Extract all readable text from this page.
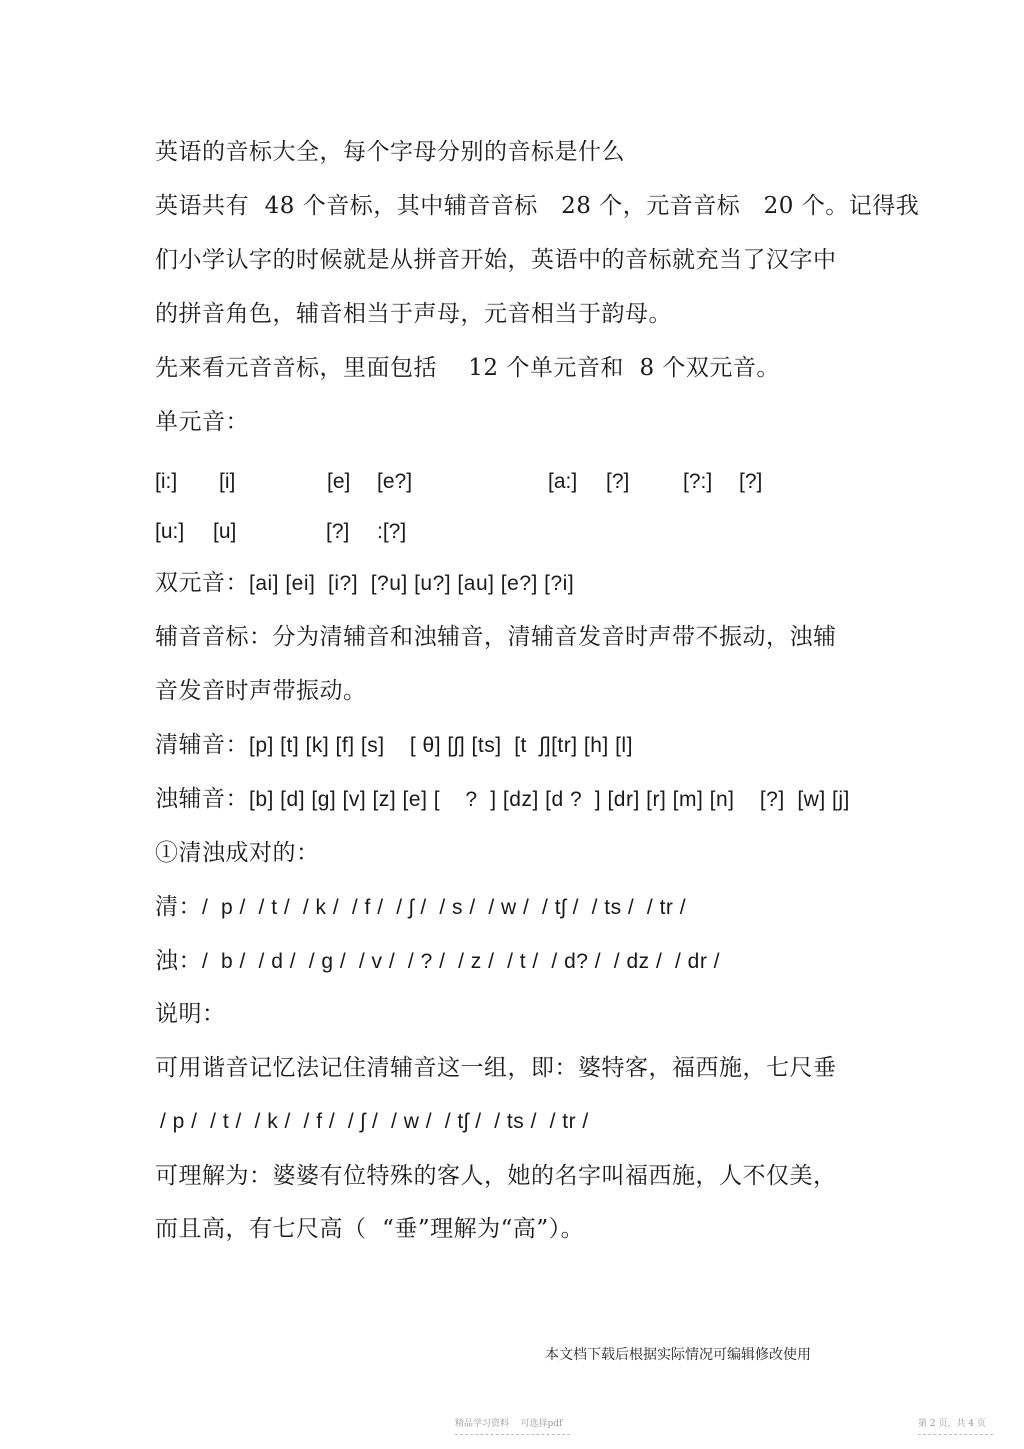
英语的音标大全，每个字母分别的音标是什么
英语共有  48 个音标，其中辅音音标   28 个，元音音标   20 个。记得我
们小学认字的时候就是从拼音开始，英语中的音标就充当了汉字中
的拼音角色，辅音相当于声母，元音相当于韵母。
先来看元音音标，里面包括    12 个单元音和  8 个双元音。
单元音：
[i:] [i]	[e] [e?]	[a:] [?]	[?:] [?]
[u:] [u]	[?] :[?]
双元音：[ai] [ei]  [i?]  [?u] [u?] [au] [e?] [?i]
辅音音标：分为清辅音和浊辅音，清辅音发音时声带不振动，浊辅
音发音时声带振动。
清辅音：[p] [t] [k] [f] [s]    [ θ] [ʃ] [ts]  [t  ʃ][tr] [h] [l]
浊辅音：[b] [d] [g] [v] [z] [e] [    ?  ] [dz] [d ?  ] [dr] [r] [m] [n]    [?]  [w] [j]
①清浊成对的：
清：/  p /  / t /  / k /  / f /  / ʃ /  / s /  / w /  / tʃ /  / ts /  / tr /
浊：/  b /  / d /  / g /  / v /  / ? /  / z /  / t /  / d? /  / dz /  / dr /
说明：
可用谐音记忆法记住清辅音这一组，即：婆特客，福西施，七尺垂
/ p /  / t /  / k /  / f /  / ʃ /  / w /  / tʃ /  / ts /  / tr /
可理解为：婆婆有位特殊的客人，她的名字叫福西施，人不仅美，
而且高，有七尺高（  “垂”理解为“高”）。
本文档下载后根据实际情况可编辑修改使用
精品学习资料    可选择pdf	第 2 页，共 4 页
